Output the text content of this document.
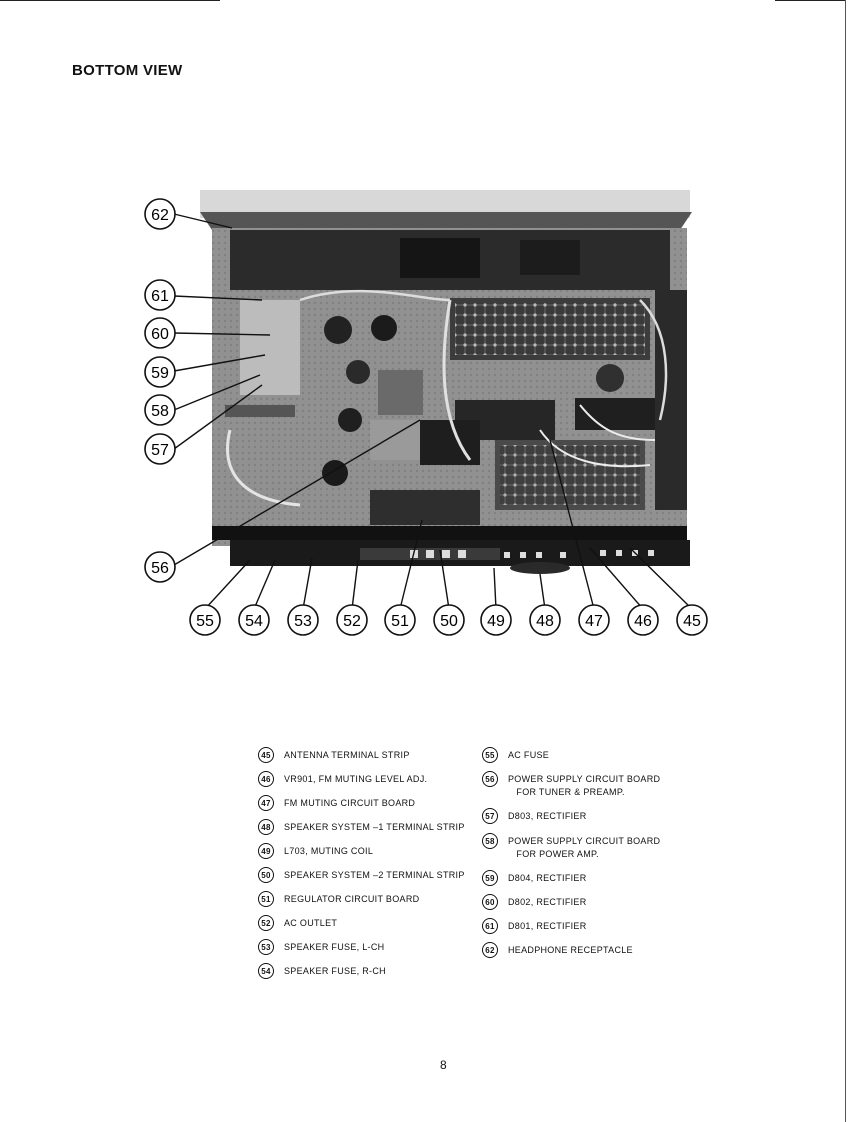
BOTTOM VIEW
62
61
60
59
58
57
56
55 54 53 52 51 50 49 48 47 46 45
45	ANTENNA TERMINAL STRIP
46	VR901, FM MUTING LEVEL ADJ.
47	FM MUTING CIRCUIT BOARD
48	SPEAKER SYSTEM –1 TERMINAL STRIP
49	L703, MUTING COIL
50	SPEAKER SYSTEM –2 TERMINAL STRIP
51	REGULATOR CIRCUIT BOARD
52	AC OUTLET
53	SPEAKER FUSE, L-CH
54	SPEAKER FUSE, R-CH
55	AC FUSE
56	POWER SUPPLY CIRCUIT BOARD
FOR TUNER & PREAMP.
57	D803, RECTIFIER
58	POWER SUPPLY CIRCUIT BOARD
FOR POWER AMP.
59	D804, RECTIFIER
60	D802, RECTIFIER
61	D801, RECTIFIER
62	HEADPHONE RECEPTACLE
8
